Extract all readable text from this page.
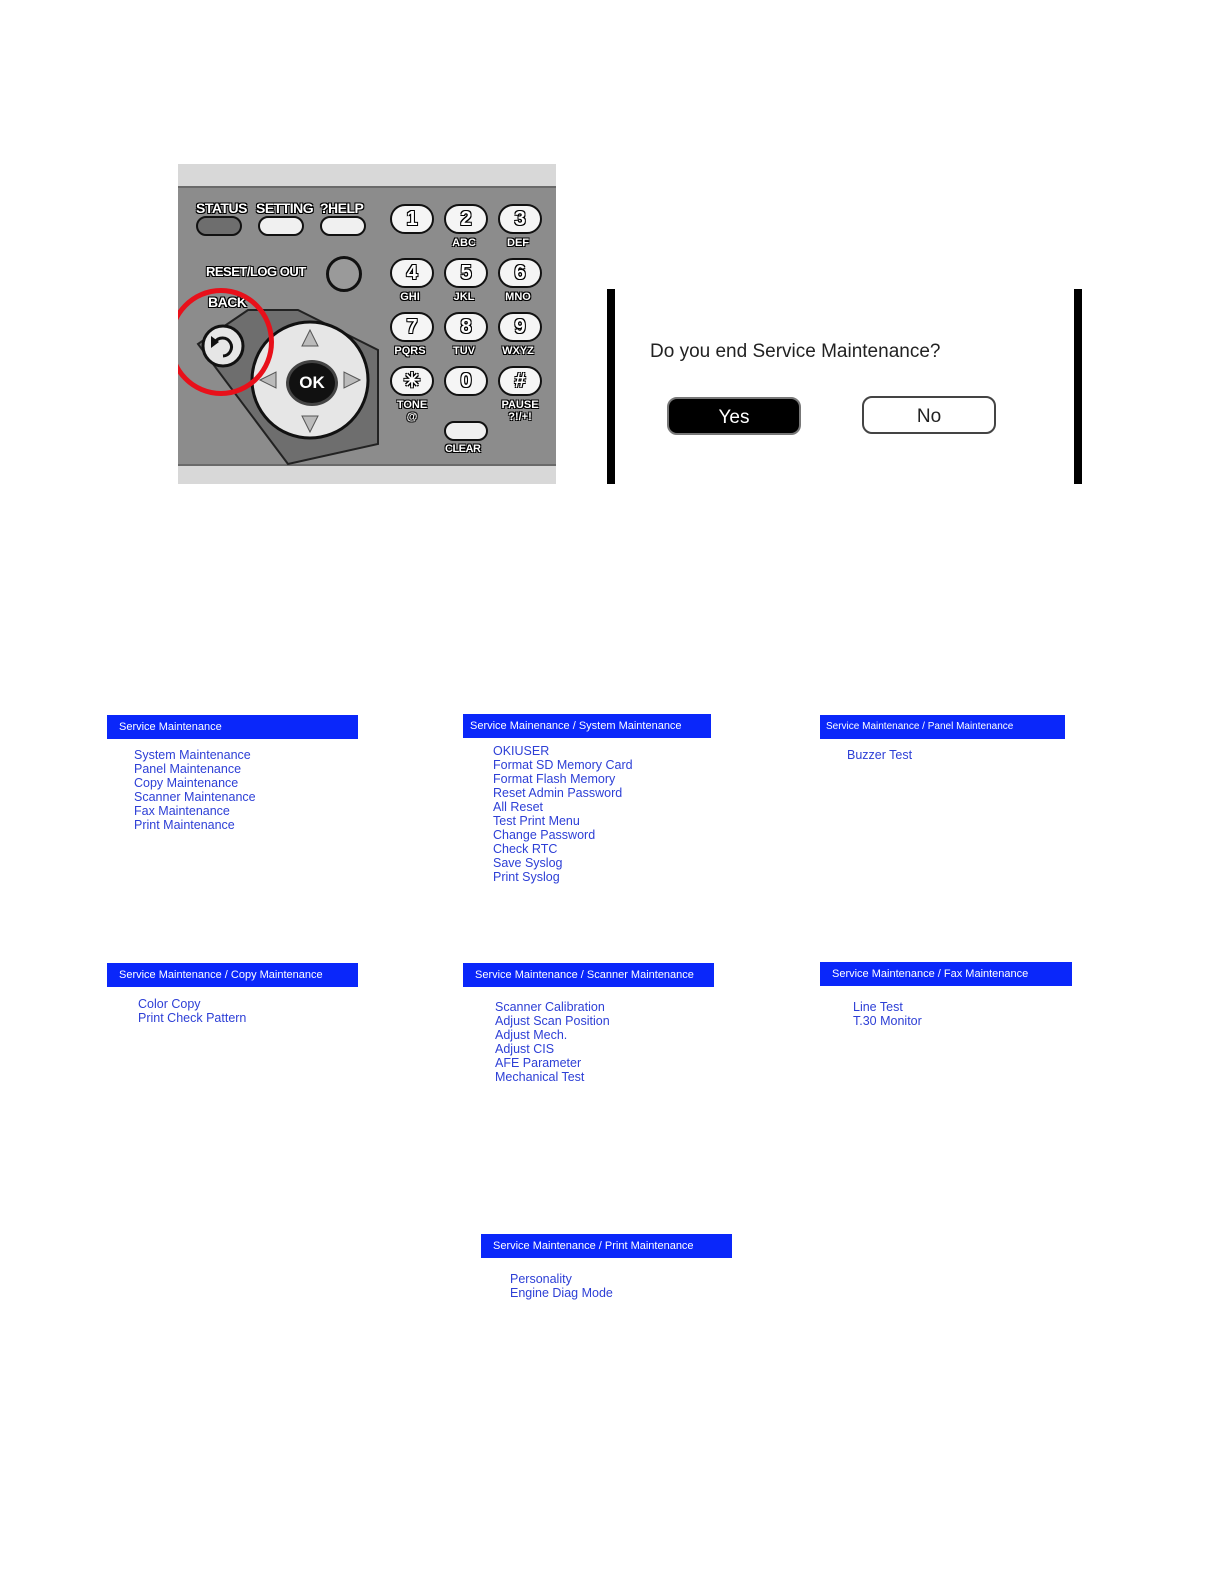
STATUS SETTING ?HELP
RESET/LOG OUT
BACK
OK
1	2	3
ABC	DEF
4	5	6
GHI	JKL	MNO
7	8	9
PQRS	TUV	WXYZ
✳	0	#
TONE @
PAUSE ?!/+!
CLEAR
Do you end Service Maintenance?
Yes	No
Service Maintenance
System Maintenance
Panel Maintenance
Copy Maintenance
Scanner Maintenance
Fax Maintenance
Print Maintenance
Service Mainenance / System Maintenance
OKIUSER
Format SD Memory Card
Format Flash Memory
Reset Admin Password
All Reset
Test Print Menu
Change Password
Check RTC
Save Syslog
Print Syslog
Service Maintenance / Panel Maintenance
Buzzer Test
Service Maintenance / Copy Maintenance
Color Copy
Print Check Pattern
Service Maintenance / Scanner Maintenance
Scanner Calibration
Adjust Scan Position
Adjust Mech.
Adjust CIS
AFE Parameter
Mechanical Test
Service Maintenance / Fax Maintenance
Line Test
T.30 Monitor
Service Maintenance / Print Maintenance
Personality
Engine Diag Mode
